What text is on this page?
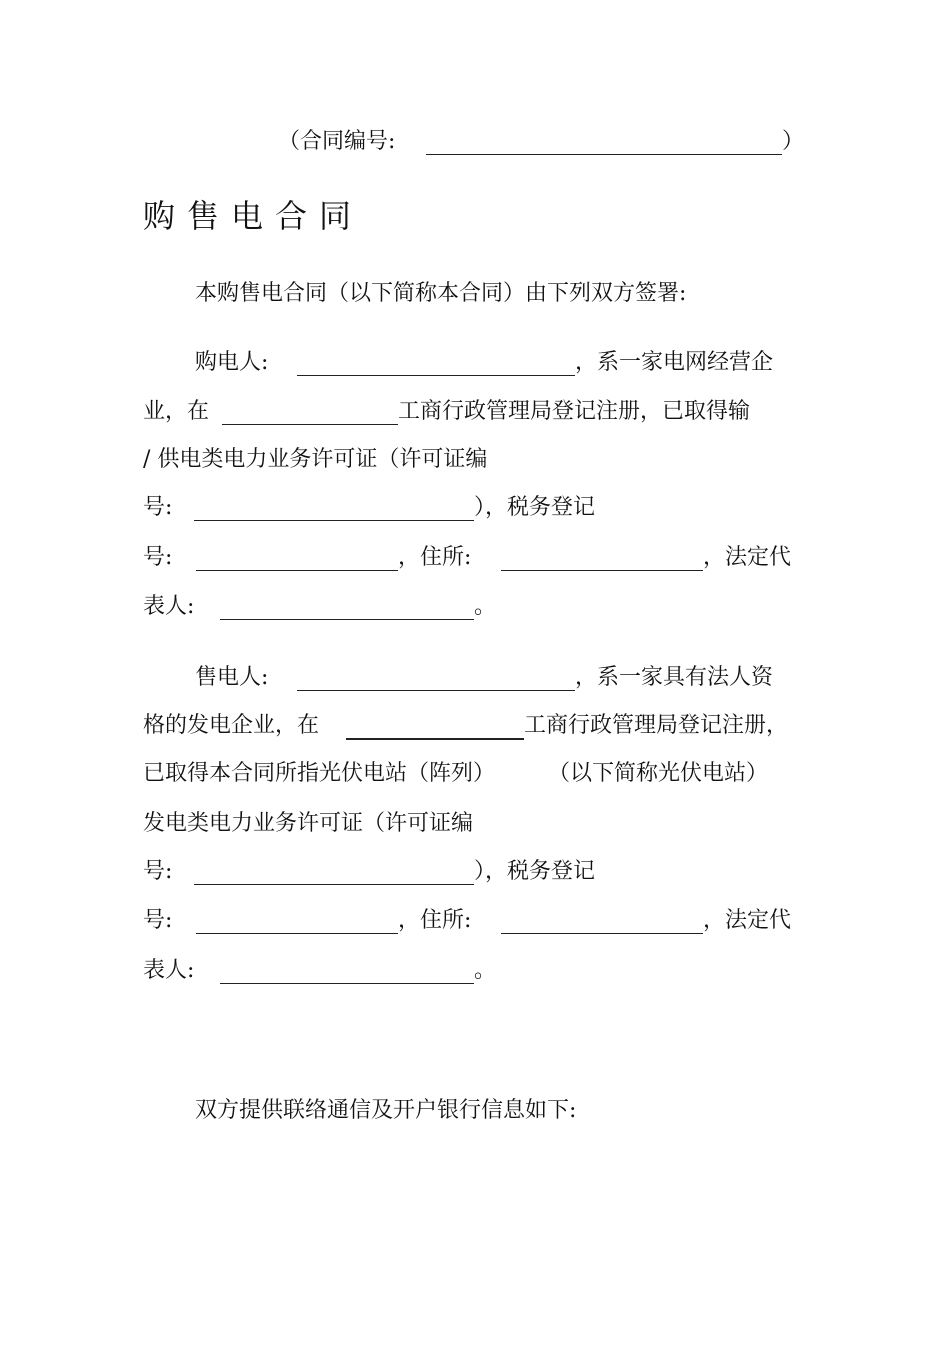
（合同编号:	）
购售电合同
本购售电合同（以下简称本合同）由下列双方签署:
购电人:	，系一家电网经营企
业，在	工商行政管理局登记注册，已取得输
/ 供电类电力业务许可证（许可证编
号:	），税务登记
号:	，住所:	，法定代
表人:	。
售电人:	，系一家具有法人资
格的发电企业，在	工商行政管理局登记注册，
已取得本合同所指光伏电站（阵列） （以下简称光伏电站）
发电类电力业务许可证（许可证编
号:	），税务登记
号:	，住所:	，法定代
表人:	。
双方提供联络通信及开户银行信息如下:
